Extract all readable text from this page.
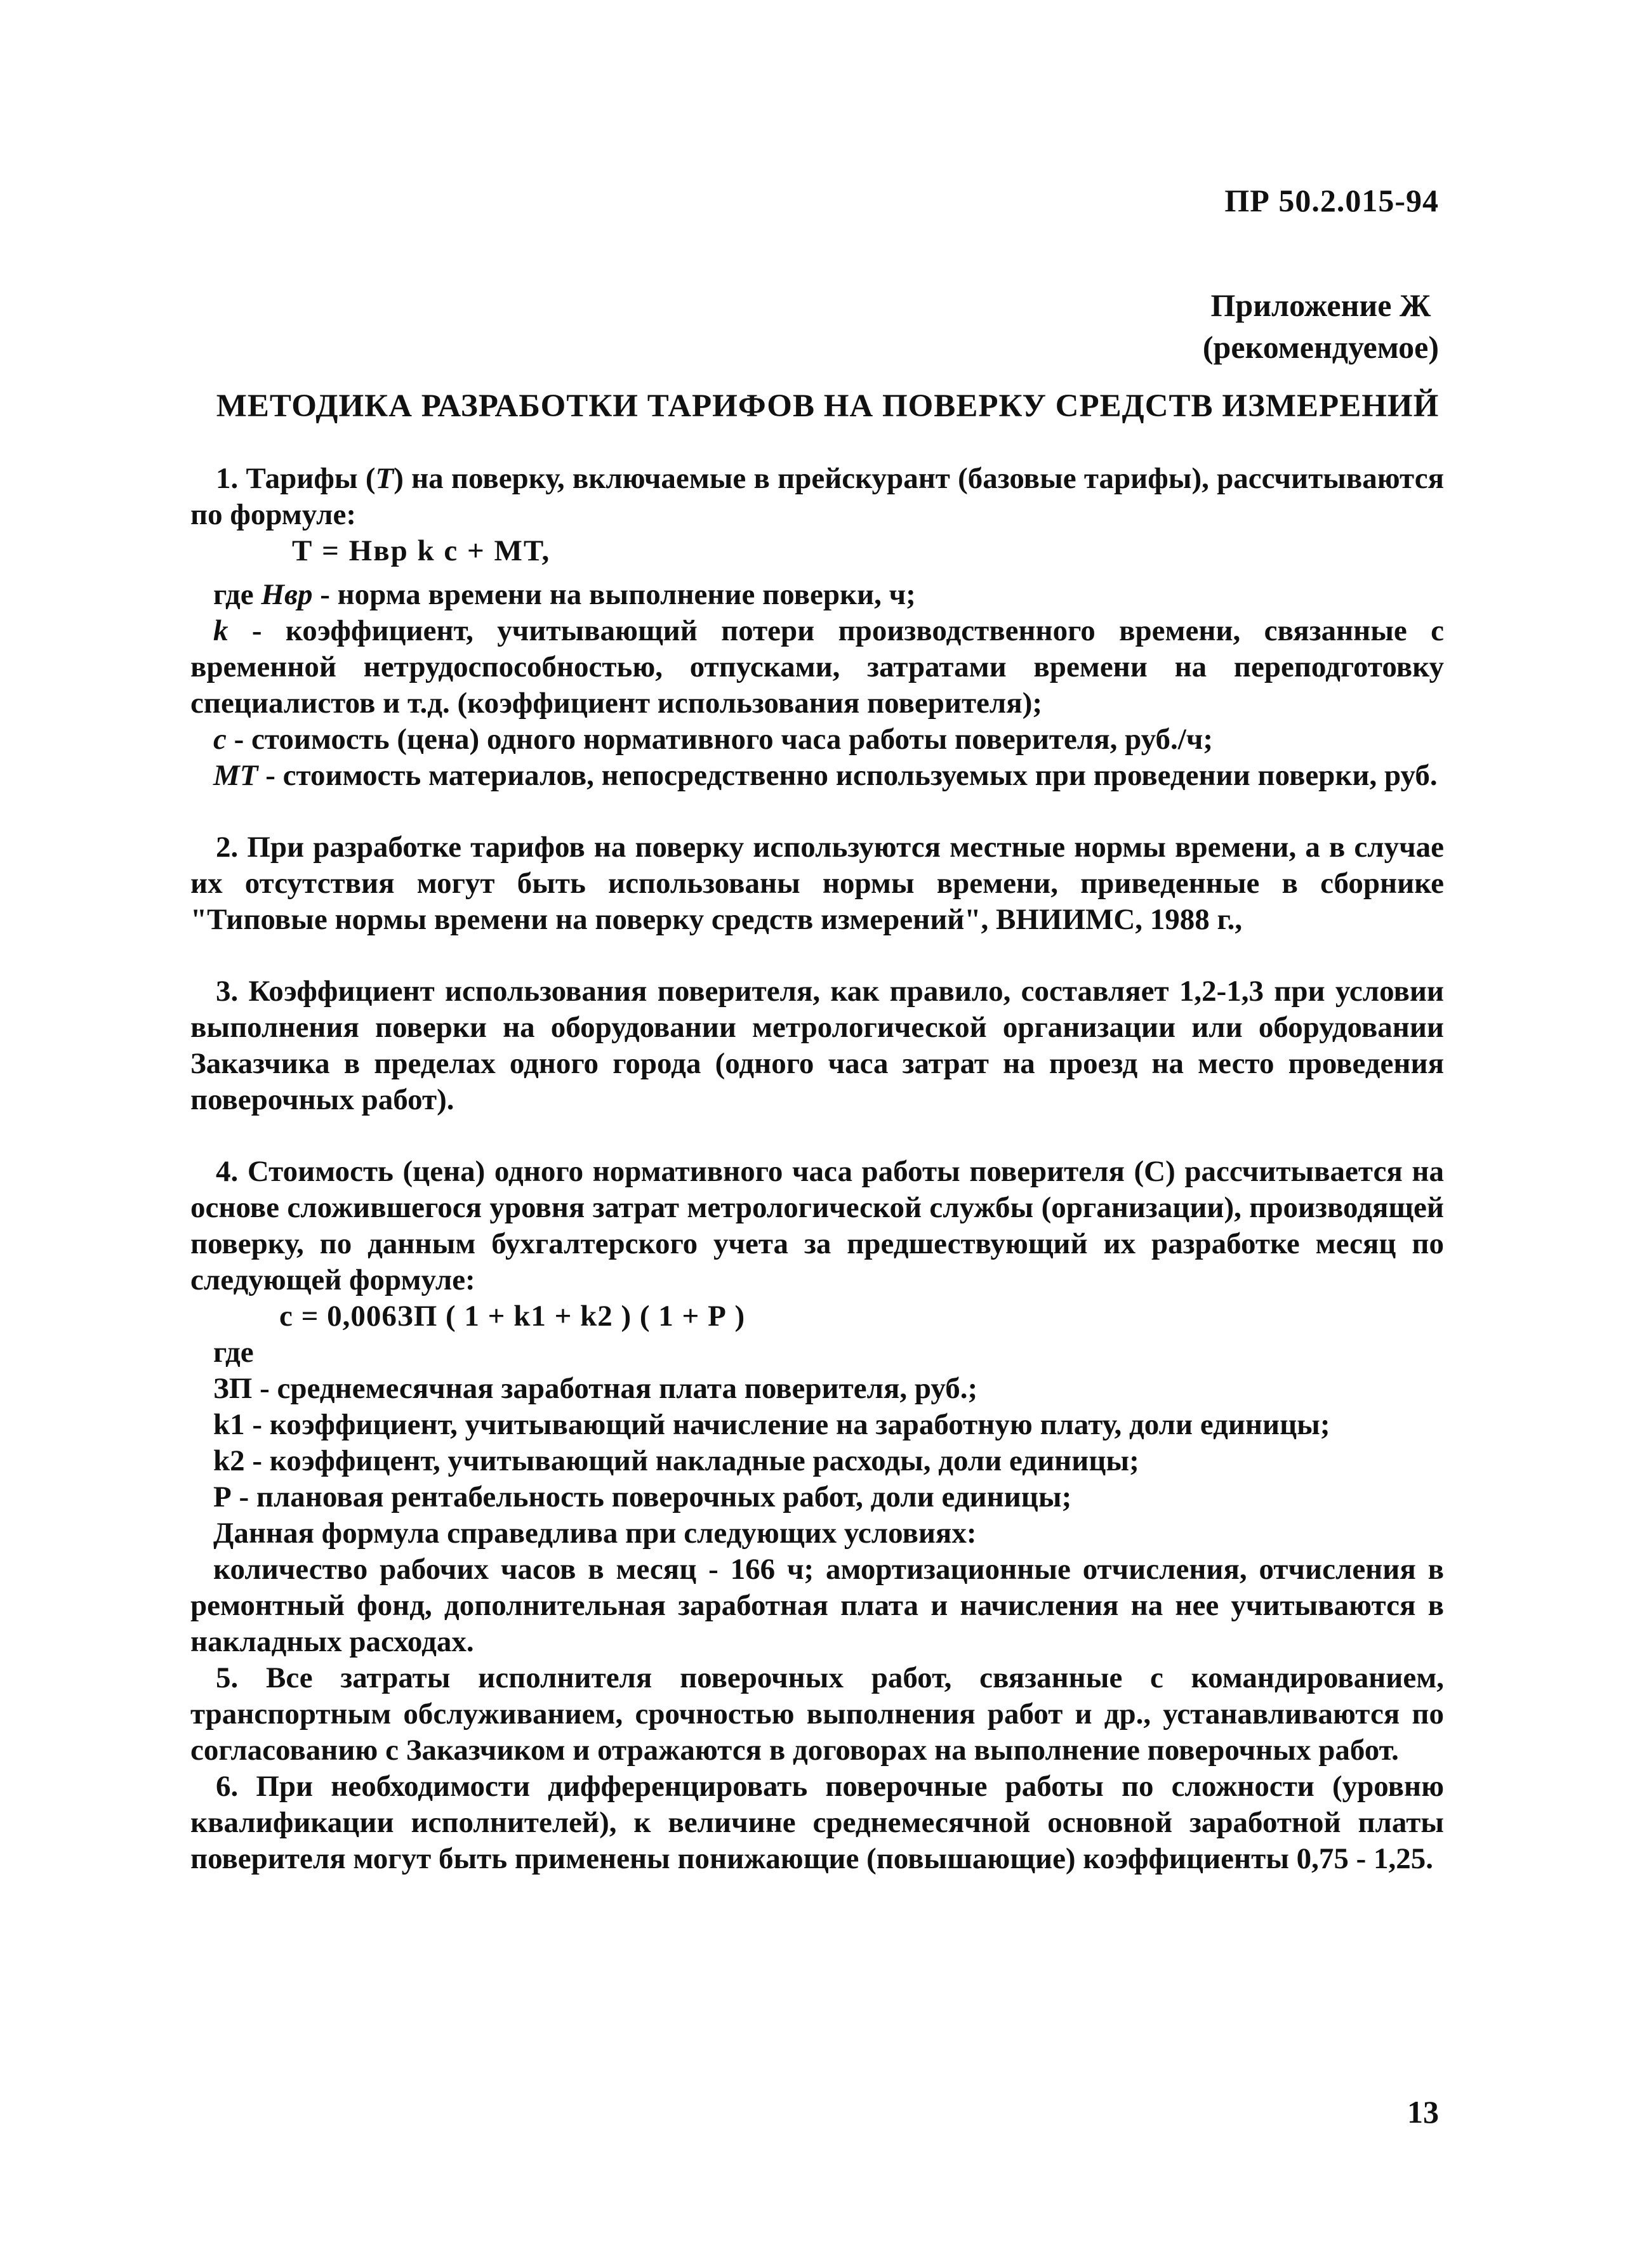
ПР 50.2.015-94
Приложение Ж
(рекомендуемое)
МЕТОДИКА РАЗРАБОТКИ ТАРИФОВ НА ПОВЕРКУ СРЕДСТВ ИЗМЕРЕНИЙ

1. Тарифы (Т) на поверку, включаемые в прейскурант (базовые тарифы), рассчитываются по формуле:

Т = Нвр k c + МТ,

где Нвр - норма времени на выполнение поверки, ч;

k - коэффициент, учитывающий потери производственного времени, связанные с временной нетрудоспособностью, отпусками, затратами времени на переподготовку специалистов и т.д. (коэффициент использования поверителя);

с - стоимость (цена) одного нормативного часа работы поверителя, руб./ч;

МТ - стоимость материалов, непосредственно используемых при проведении поверки, руб.

2. При разработке тарифов на поверку используются местные нормы времени, а в случае их отсутствия могут быть использованы нормы времени, приведенные в сборнике "Типовые нормы времени на поверку средств измерений", ВНИИМС, 1988 г.,

3. Коэффициент использования поверителя, как правило, составляет 1,2-1,3 при условии выполнения поверки на оборудовании метрологической организации или оборудовании Заказчика в пределах одного города (одного часа затрат на проезд на место проведения поверочных работ).

4. Стоимость (цена) одного нормативного часа работы поверителя (С) рассчитывается на основе сложившегося уровня затрат метрологической службы (организации), производящей поверку, по данным бухгалтерского учета за предшествующий их разработке месяц по следующей формуле:

с = 0,006ЗП ( 1 + k1 + k2 ) ( 1 + Р )

где

ЗП - среднемесячная заработная плата поверителя, руб.;

k1 - коэффициент, учитывающий начисление на заработную плату, доли единицы;

k2 - коэффицент, учитывающий накладные расходы, доли единицы;

Р - плановая рентабельность поверочных работ, доли единицы;

Данная формула справедлива при следующих условиях:

количество рабочих часов в месяц - 166 ч; амортизационные отчисления, отчисления в ремонтный фонд, дополнительная заработная плата и начисления на нее учитываются в накладных расходах.

5. Все затраты исполнителя поверочных работ, связанные с командированием, транспортным обслуживанием, срочностью выполнения работ и др., устанавливаются по согласованию с Заказчиком и отражаются в договорах на выполнение поверочных работ.

6. При необходимости дифференцировать поверочные работы по сложности (уровню квалификации исполнителей), к величине среднемесячной основной заработной платы поверителя могут быть применены понижающие (повышающие) коэффициенты 0,75 - 1,25.

13
